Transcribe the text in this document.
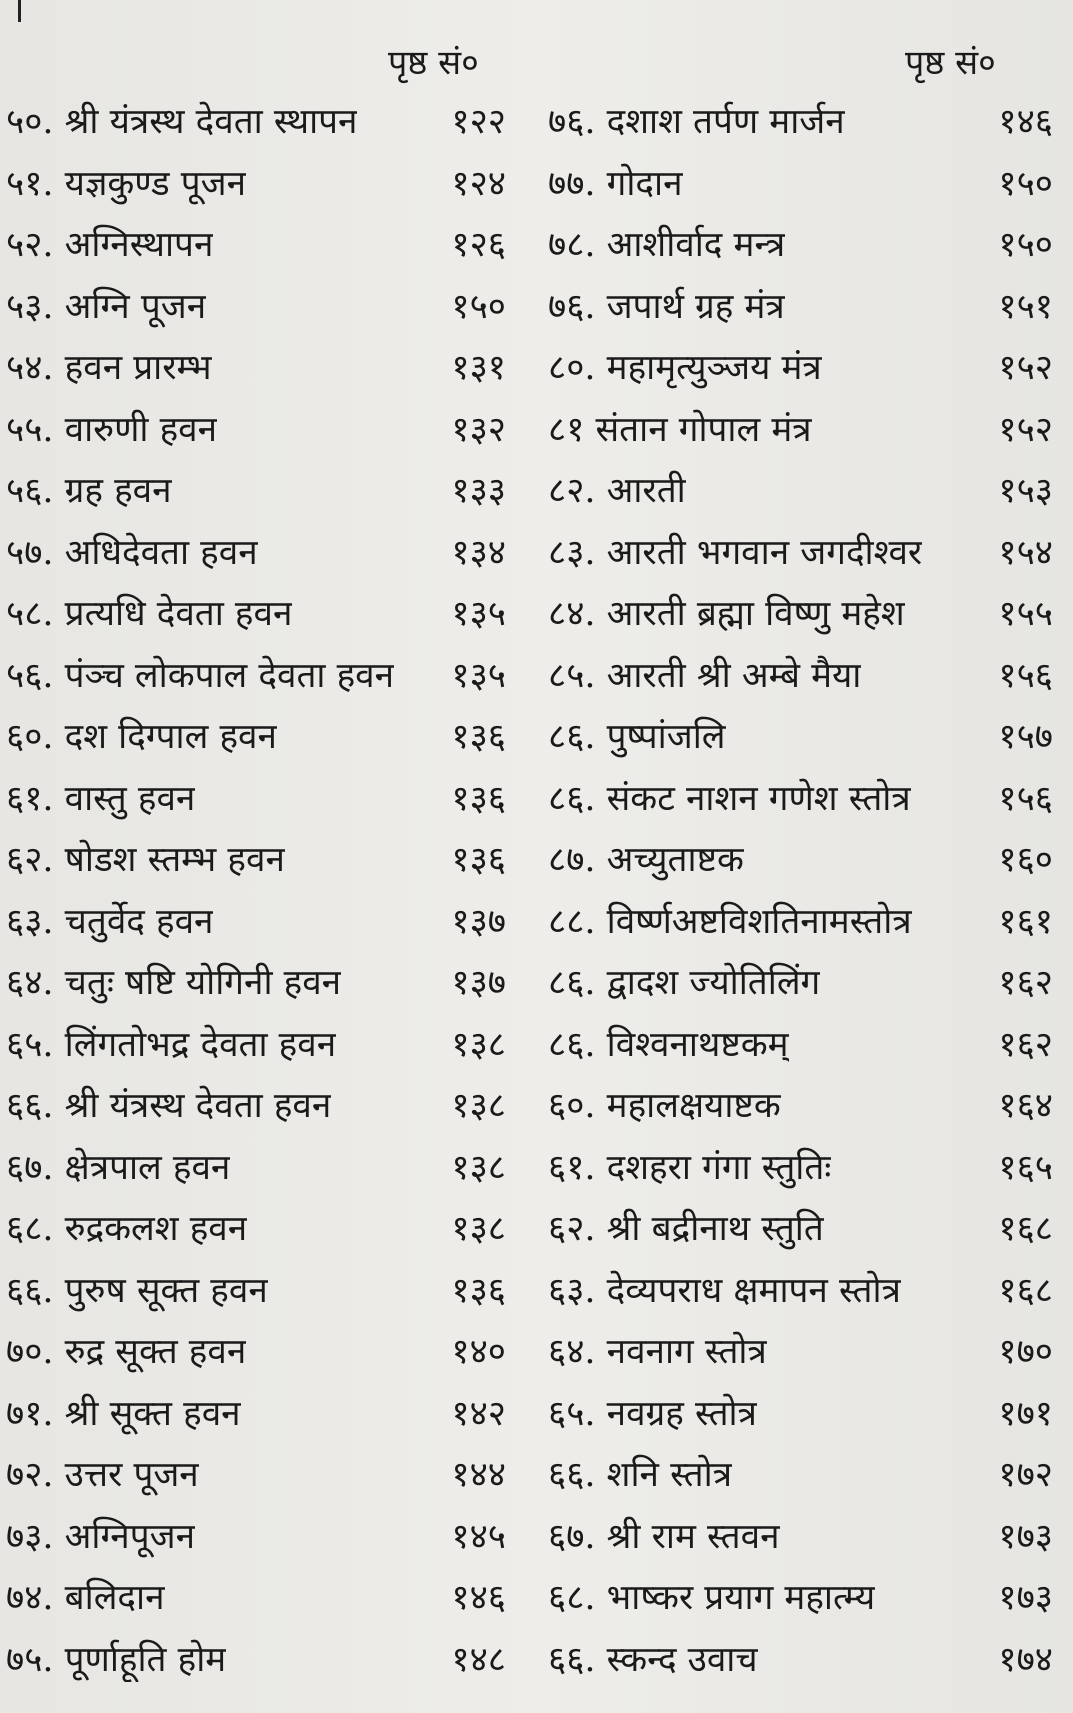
पृष्ठ सं०	पृष्ठ सं०
५०. श्री यंत्रस्थ देवता स्थापन	१२२
५१. यज्ञकुण्ड पूजन	१२४
५२. अग्निस्थापन	१२६
५३. अग्नि पूजन	१५०
५४. हवन प्रारम्भ	१३१
५५. वारुणी हवन	१३२
५६. ग्रह हवन	१३३
५७. अधिदेवता हवन	१३४
५८. प्रत्यधि देवता हवन	१३५
५६. पंञ्च लोकपाल देवता हवन १३५
६०. दश दिग्पाल हवन	१३६
६१. वास्तु हवन	१३६
६२. षोडश स्तम्भ हवन	१३६
६३. चतुर्वेद हवन	१३७
६४. चतुः षष्टि योगिनी हवन	१३७
६५. लिंगतोभद्र देवता हवन	१३८
६६. श्री यंत्रस्थ देवता हवन	१३८
६७. क्षेत्रपाल हवन	१३८
६८. रुद्रकलश हवन	१३८
६६. पुरुष सूक्त हवन	१३६
७०. रुद्र सूक्त हवन	१४०
७१. श्री सूक्त हवन	१४२
७२. उत्तर पूजन	१४४
७३. अग्निपूजन	१४५
७४. बलिदान	१४६
७५. पूर्णाहूति होम	१४८
७६. दशाश तर्पण मार्जन	१४६
७७. गोदान	१५०
७८. आशीर्वाद मन्त्र	१५०
७६. जपार्थ ग्रह मंत्र	१५१
८०. महामृत्युञ्जय मंत्र	१५२
८१ संतान गोपाल मंत्र	१५२
८२. आरती	१५३
८३. आरती भगवान जगदीश्वर १५४
८४. आरती ब्रह्मा विष्णु महेश	१५५
८५. आरती श्री अम्बे मैया	१५६
८६. पुष्पांजलि	१५७
८६. संकट नाशन गणेश स्तोत्र	१५६
८७. अच्युताष्टक	१६०
८८. विर्ष्णअष्टविशतिनामस्तोत्र १६१
८६. द्वादश ज्योतिलिंग	१६२
८६. विश्वनाथष्टकम्	१६२
६०. महालक्षयाष्टक	१६४
६१. दशहरा गंगा स्तुतिः	१६५
६२. श्री बद्रीनाथ स्तुति	१६८
६३. देव्यपराध क्षमापन स्तोत्र	१६८
६४. नवनाग स्तोत्र	१७०
६५. नवग्रह स्तोत्र	१७१
६६. शनि स्तोत्र	१७२
६७. श्री राम स्तवन	१७३
६८. भाष्कर प्रयाग महात्म्य	१७३
६६. स्कन्द उवाच	१७४
